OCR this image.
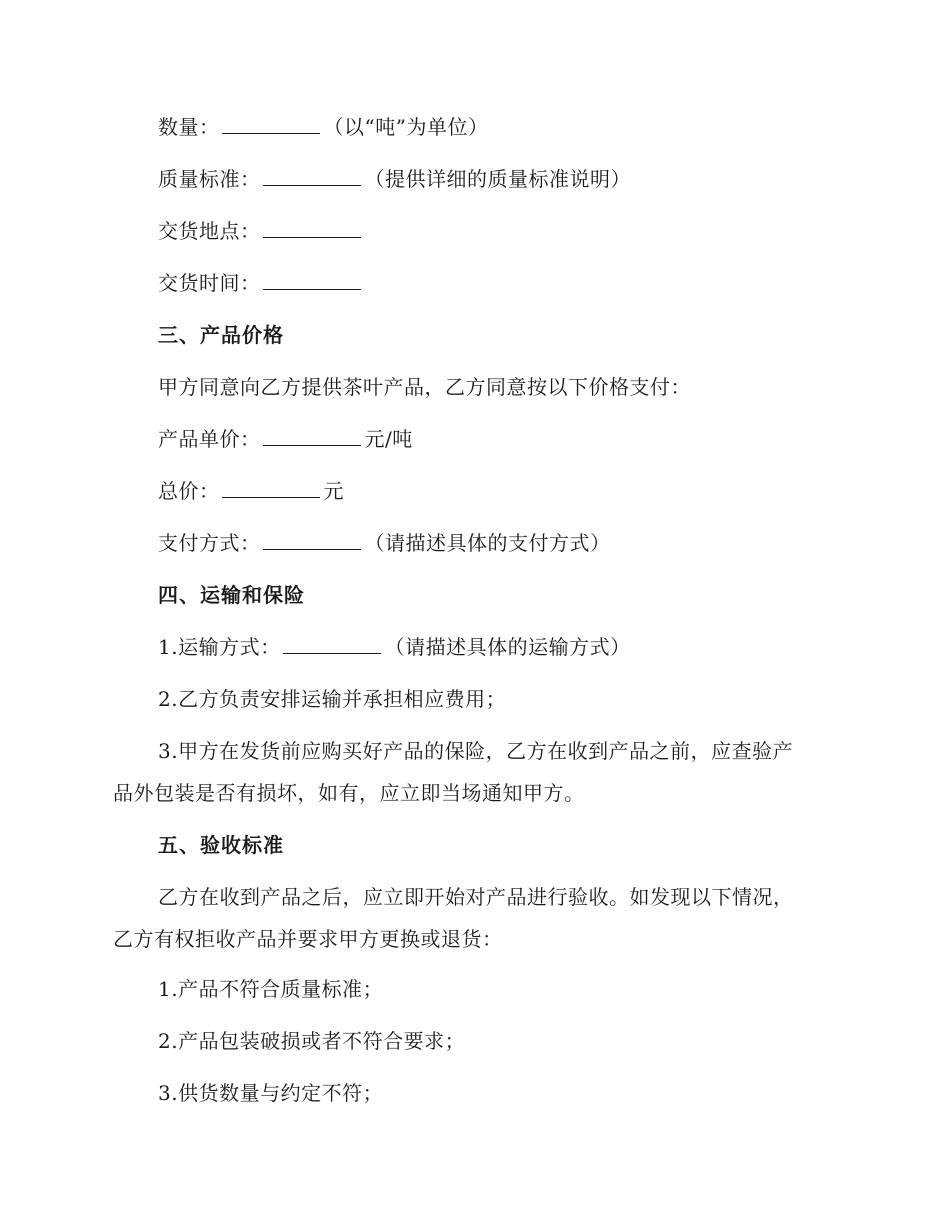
数量：	（以“吨”为单位）
质量标准：	（提供详细的质量标准说明）
交货地点：
交货时间：
三、产品价格
甲方同意向乙方提供茶叶产品，乙方同意按以下价格支付：
产品单价：	元/吨
总价：	元
支付方式：	（请描述具体的支付方式）
四、运输和保险
1.运输方式：	（请描述具体的运输方式）
2.乙方负责安排运输并承担相应费用；
3.甲方在发货前应购买好产品的保险，乙方在收到产品之前，应查验产
品外包装是否有损坏，如有，应立即当场通知甲方。
五、验收标准
乙方在收到产品之后，应立即开始对产品进行验收。如发现以下情况，
乙方有权拒收产品并要求甲方更换或退货：
1.产品不符合质量标准；
2.产品包装破损或者不符合要求；
3.供货数量与约定不符；
